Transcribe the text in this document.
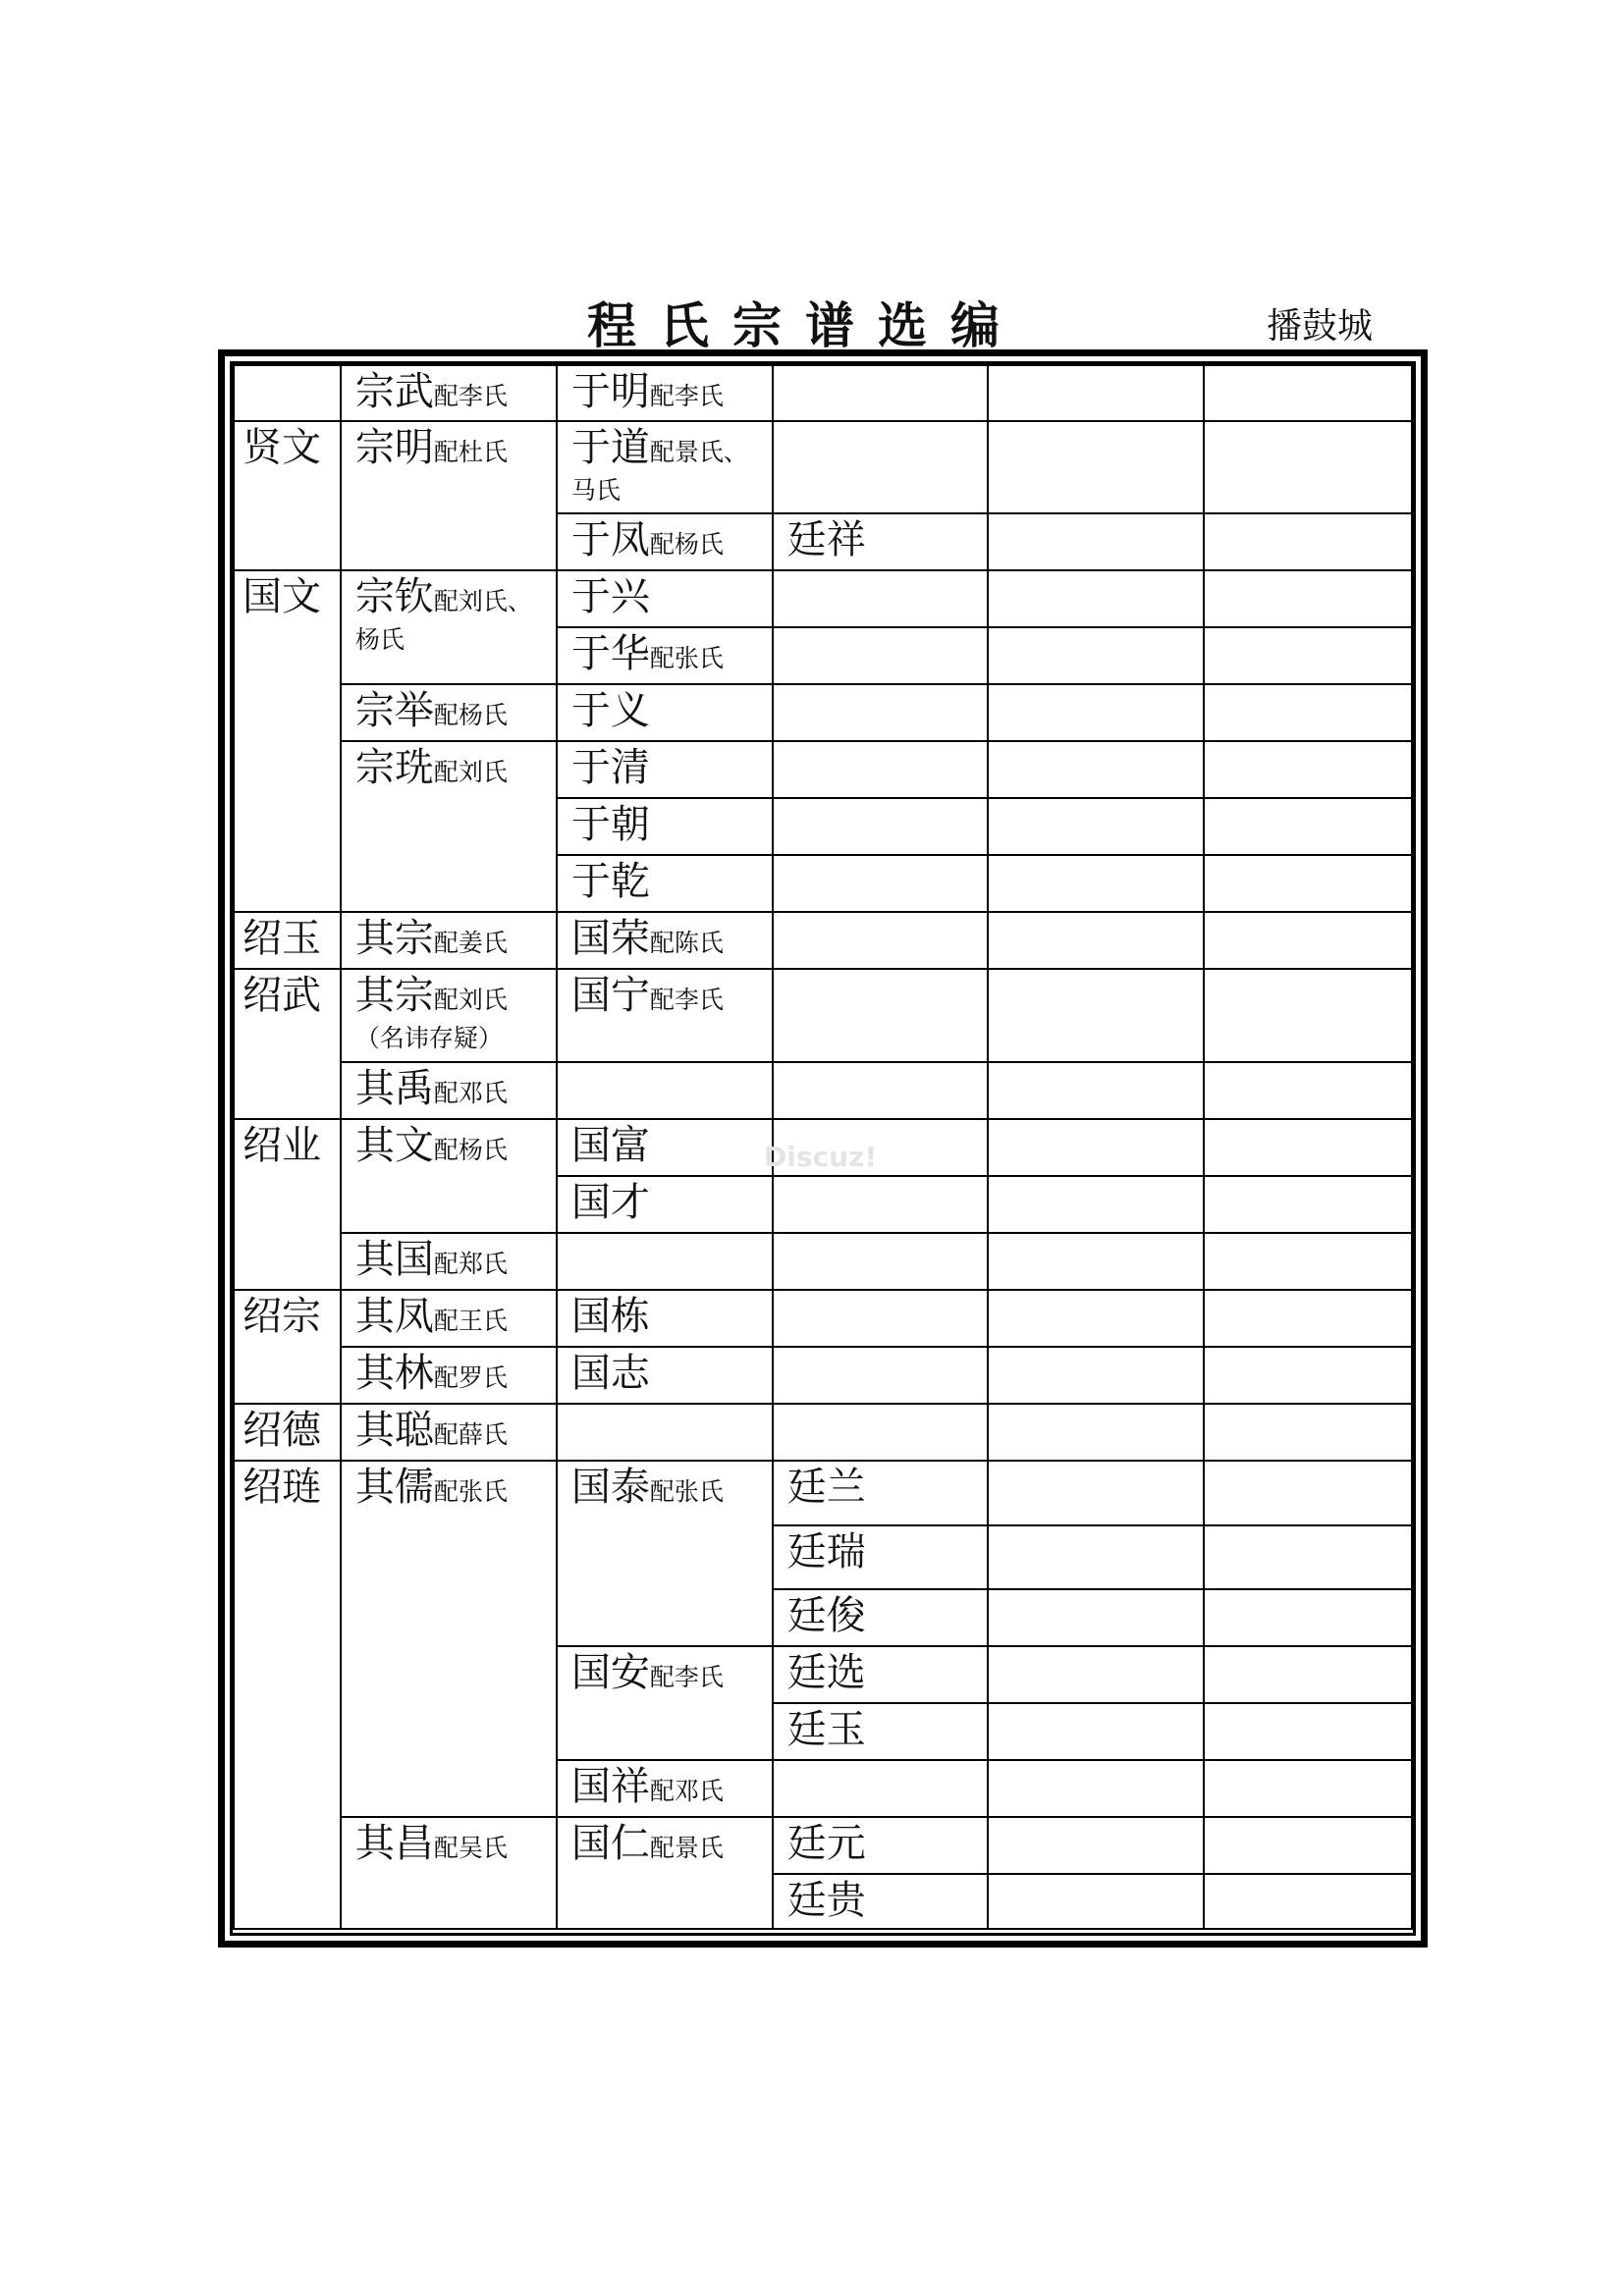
程氏宗谱选编	播鼓城
	宗武配李氏	于明配李氏			
贤文	宗明配杜氏	于道配景氏、
马氏			

		于凤配杨氏	廷祥		
国文	宗钦配刘氏、
杨氏	于兴			
		于华配张氏			
	宗举配杨氏	于义			
	宗珗配刘氏	于清			
		于朝			
		于乾			
绍玉	其宗配姜氏	国荣配陈氏			
绍武	其宗配刘氏
（名讳存疑）	国宁配李氏			
	其禹配邓氏				
绍业	其文配杨氏	国富			
		国才			
	其国配郑氏				
绍宗	其凤配王氏	国栋			
	其林配罗氏	国志			
绍德	其聪配薛氏				
绍琏	其儒配张氏	国泰配张氏	廷兰		
			廷瑞		
			廷俊		
		国安配李氏	廷选		
			廷玉		
		国祥配邓氏			
	其昌配吴氏	国仁配景氏	廷元		
			廷贵		
Discuz!
